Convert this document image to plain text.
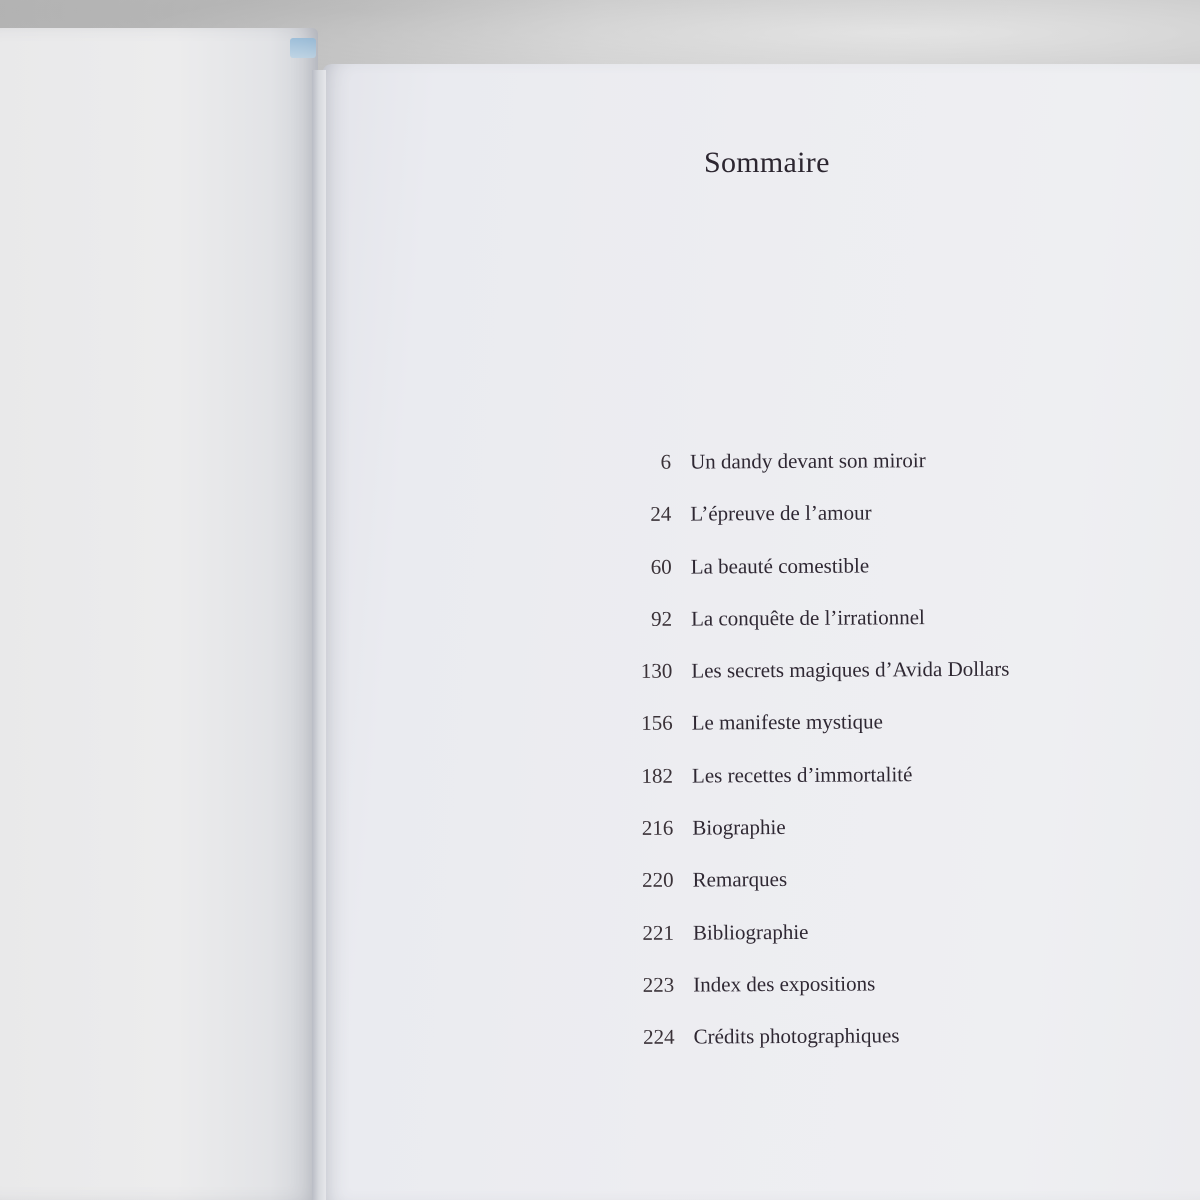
Sommaire
6 Un dandy devant son miroir
24 L’épreuve de l’amour
60 La beauté comestible
92 La conquête de l’irrationnel
130 Les secrets magiques d’Avida Dollars
156 Le manifeste mystique
182 Les recettes d’immortalité
216 Biographie
220 Remarques
221 Bibliographie
223 Index des expositions
224 Crédits photographiques
